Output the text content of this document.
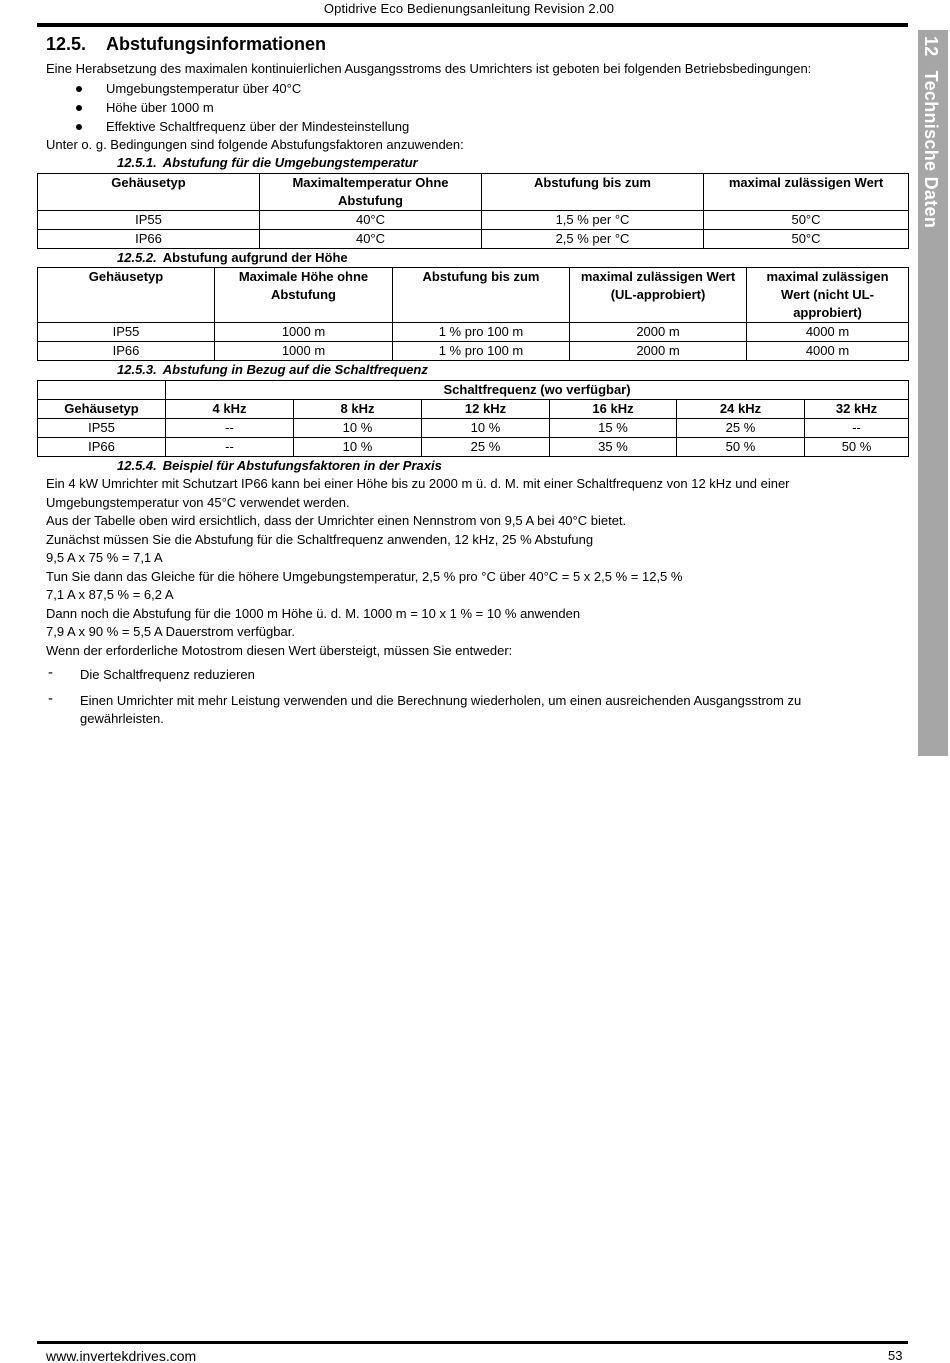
Optidrive Eco Bedienungsanleitung Revision 2.00
12Technische Daten
12.5. Abstufungsinformationen

Eine Herabsetzung des maximalen kontinuierlichen Ausgangsstroms des Umrichters ist geboten bei folgenden Betriebsbedingungen:

Umgebungstemperatur über 40°C
Höhe über 1000 m
Effektive Schaltfrequenz über der Mindesteinstellung

Unter o. g. Bedingungen sind folgende Abstufungsfaktoren anzuwenden:

12.5.1. Abstufung für die Umgebungstemperatur

Gehäusetyp	Maximaltemperatur Ohne Abstufung	Abstufung bis zum	maximal zulässigen Wert
IP55	40°C	1,5 % per °C	50°C
IP66	40°C	2,5 % per °C	50°C

12.5.2. Abstufung aufgrund der Höhe

Gehäusetyp	Maximale Höhe ohne Abstufung	Abstufung bis zum	maximal zulässigen Wert (UL-approbiert)	maximal zulässigen Wert (nicht UL-approbiert)
IP55	1000 m	1 % pro 100 m	2000 m	4000 m
IP66	1000 m	1 % pro 100 m	2000 m	4000 m

12.5.3. Abstufung in Bezug auf die Schaltfrequenz

	Schaltfrequenz (wo verfügbar)					
Gehäusetyp	4 kHz	8 kHz	12 kHz	16 kHz	24 kHz	32 kHz
IP55	--	10 %	10 %	15 %	25 %	--
IP66	--	10 %	25 %	35 %	50 %	50 %

12.5.4. Beispiel für Abstufungsfaktoren in der Praxis

Ein 4 kW Umrichter mit Schutzart IP66 kann bei einer Höhe bis zu 2000 m ü. d. M. mit einer Schaltfrequenz von 12 kHz und einer Umgebungstemperatur von 45°C verwendet werden.

Aus der Tabelle oben wird ersichtlich, dass der Umrichter einen Nennstrom von 9,5 A bei 40°C bietet.

Zunächst müssen Sie die Abstufung für die Schaltfrequenz anwenden, 12 kHz, 25 % Abstufung

9,5 A x 75 % = 7,1 A

Tun Sie dann das Gleiche für die höhere Umgebungstemperatur, 2,5 % pro °C über 40°C = 5 x 2,5 % = 12,5 %

7,1 A x 87,5 % = 6,2 A

Dann noch die Abstufung für die 1000 m Höhe ü. d. M. 1000 m = 10 x 1 % = 10 % anwenden

7,9 A x 90 % = 5,5 A Dauerstrom verfügbar.

Wenn der erforderliche Motostrom diesen Wert übersteigt, müssen Sie entweder:

- Die Schaltfrequenz reduzieren
- Einen Umrichter mit mehr Leistung verwenden und die Berechnung wiederholen, um einen ausreichenden Ausgangsstrom zu gewährleisten.
www.invertekdrives.com	53
